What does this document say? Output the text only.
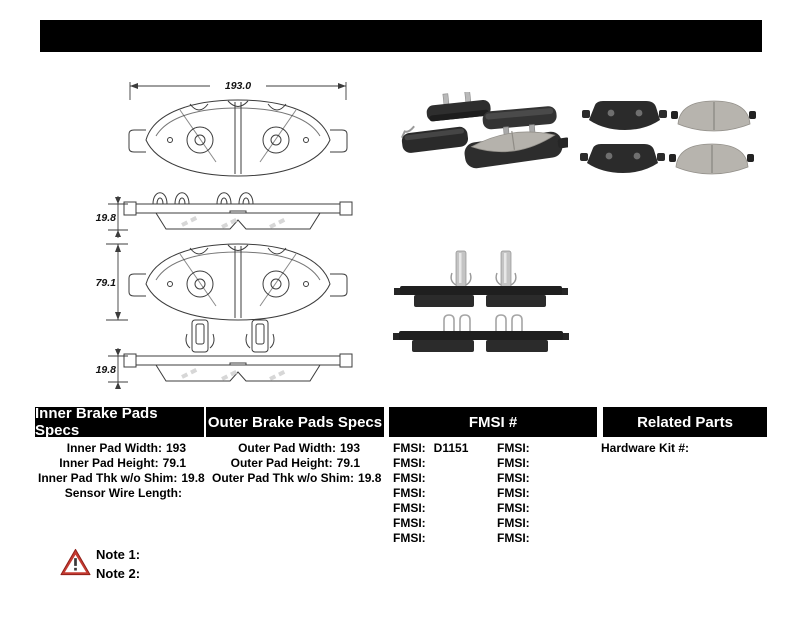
309.11510	Brake Pad
193.0
19.8
79.1
19.8
Inner Brake Pads Specs	Outer Brake Pads Specs	FMSI #	Related Parts
Inner Pad Width: 193
Inner Pad Height: 79.1
Inner Pad Thk w/o Shim: 19.8
Sensor Wire Length:
Outer Pad Width: 193
Outer Pad Height: 79.1
Outer Pad Thk w/o Shim: 19.8
FMSI: D1151	FMSI:
FMSI:	FMSI:
FMSI:	FMSI:
FMSI:	FMSI:
FMSI:	FMSI:
FMSI:	FMSI:
FMSI:	FMSI:
Hardware Kit #:
Note 1:
Note 2:
